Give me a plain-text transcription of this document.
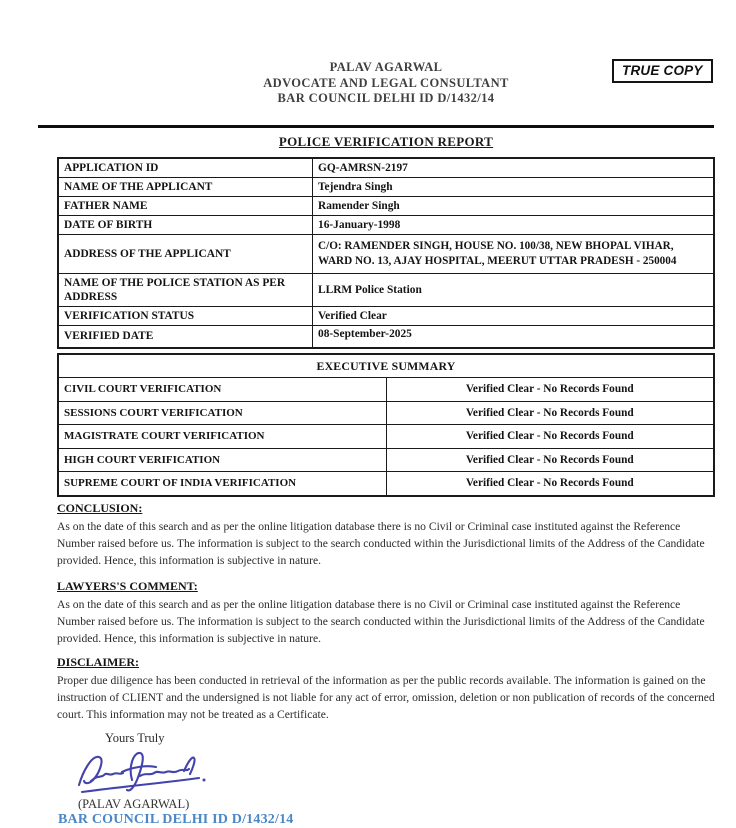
PALAV AGARWAL
ADVOCATE AND LEGAL CONSULTANT
BAR COUNCIL DELHI ID D/1432/14
TRUE COPY
POLICE VERIFICATION REPORT
APPLICATION ID	GQ-AMRSN-2197
NAME OF THE APPLICANT	Tejendra Singh
FATHER NAME	Ramender Singh
DATE OF BIRTH	16-January-1998
ADDRESS OF THE APPLICANT	C/O: RAMENDER SINGH, HOUSE NO. 100/38, NEW BHOPAL VIHAR, WARD NO. 13, AJAY HOSPITAL, MEERUT UTTAR PRADESH - 250004
NAME OF THE POLICE STATION AS PER ADDRESS	LLRM Police Station
VERIFICATION STATUS	Verified Clear
VERIFIED DATE	08-September-2025
EXECUTIVE SUMMARY	
CIVIL COURT VERIFICATION	Verified Clear - No Records Found
SESSIONS COURT VERIFICATION	Verified Clear - No Records Found
MAGISTRATE COURT VERIFICATION	Verified Clear - No Records Found
HIGH COURT VERIFICATION	Verified Clear - No Records Found
SUPREME COURT OF INDIA VERIFICATION	Verified Clear - No Records Found
CONCLUSION:
As on the date of this search and as per the online litigation database there is no Civil or Criminal case instituted against the Reference Number raised before us. The information is subject to the search conducted within the Jurisdictional limits of the Address of the Candidate provided. Hence, this information is subjective in nature.
LAWYERS'S COMMENT:
As on the date of this search and as per the online litigation database there is no Civil or Criminal case instituted against the Reference Number raised before us. The information is subject to the search conducted within the Jurisdictional limits of the Address of the Candidate provided. Hence, this information is subjective in nature.
DISCLAIMER:
Proper due diligence has been conducted in retrieval of the information as per the public records available. The information is gained on the instruction of CLIENT and the undersigned is not liable for any act of error, omission, deletion or non publication of records of the concerned court. This information may not be treated as a Certificate.
Yours Truly
(PALAV AGARWAL)
BAR COUNCIL DELHI ID D/1432/14
